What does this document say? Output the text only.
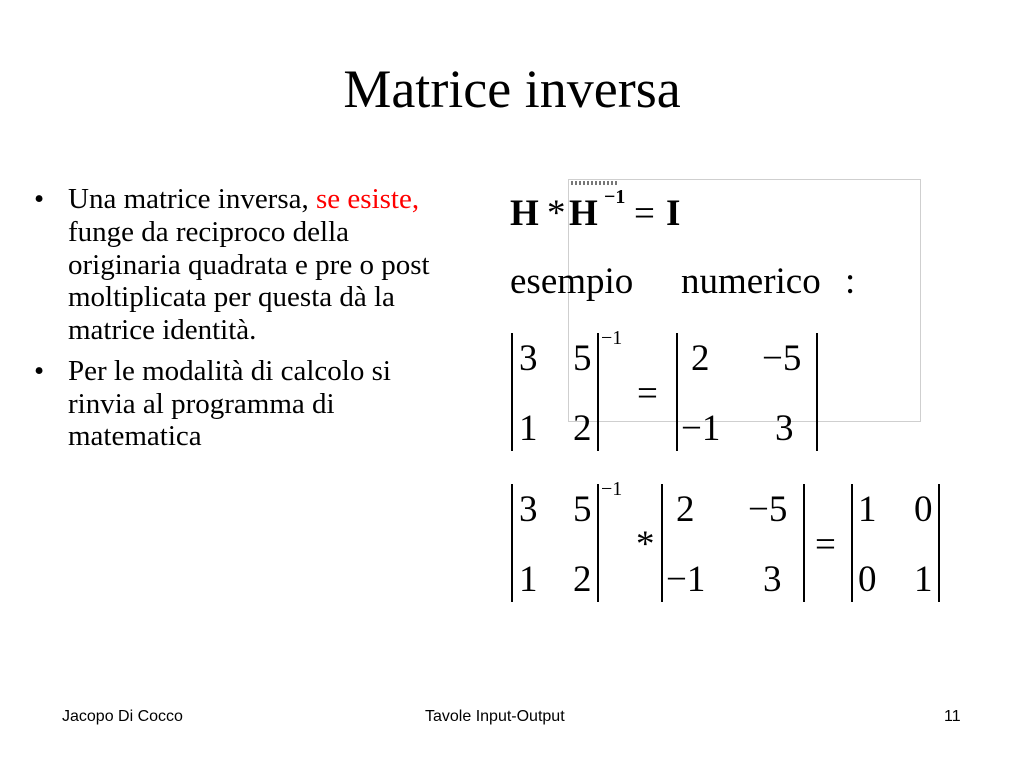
Matrice inversa
• Una matrice inversa, se esiste, funge da reciproco della originaria quadrata e pre o post moltiplicata per questa dà la matrice identità.
• Per le modalità di calcolo si rinvia al programma di matematica
H * H −1 = I
esempio numerico :
3 5
1 2
−1
=
2 −5
−1 3
3 5
1 2
−1
*
2 −5
−1 3
=
1 0
0 1
Jacopo Di Cocco	Tavole Input-Output	11
